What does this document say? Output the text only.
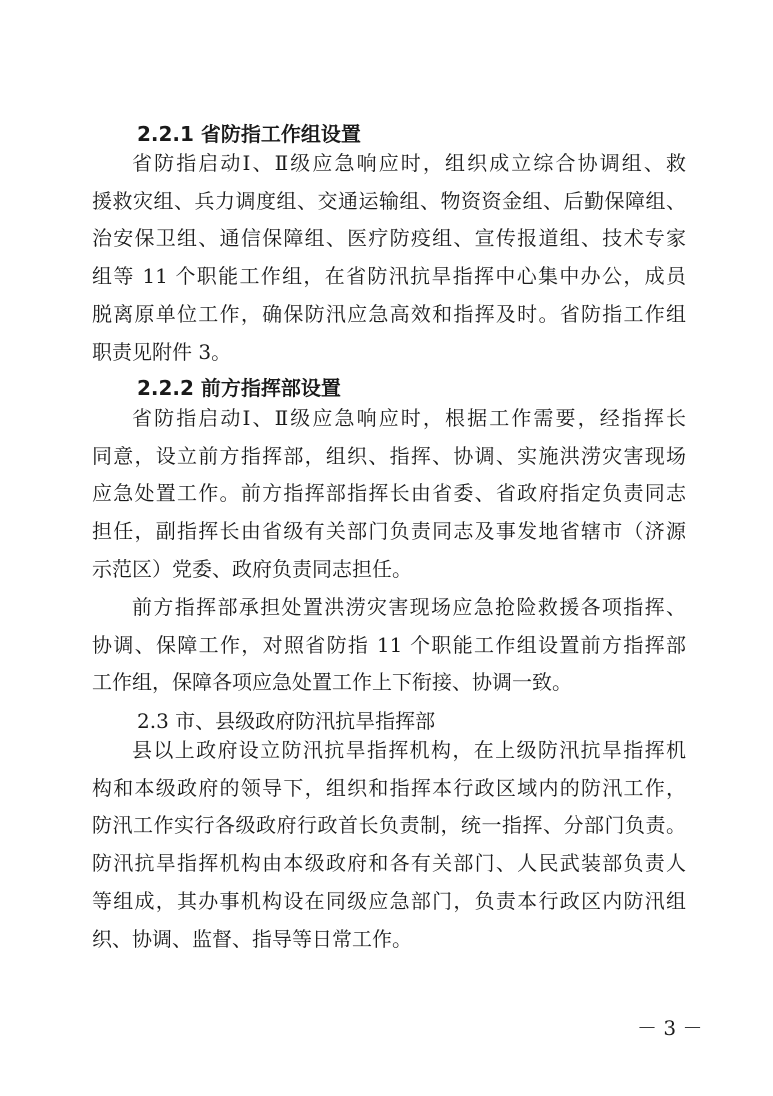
2.2.1 省防指工作组设置
省防指启动Ⅰ、Ⅱ级应急响应时，组织成立综合协调组、救
援救灾组、兵力调度组、交通运输组、物资资金组、后勤保障组、
治安保卫组、通信保障组、医疗防疫组、宣传报道组、技术专家
组等 11 个职能工作组，在省防汛抗旱指挥中心集中办公，成员
脱离原单位工作，确保防汛应急高效和指挥及时。省防指工作组
职责见附件 3。
2.2.2 前方指挥部设置
省防指启动Ⅰ、Ⅱ级应急响应时，根据工作需要，经指挥长
同意，设立前方指挥部，组织、指挥、协调、实施洪涝灾害现场
应急处置工作。前方指挥部指挥长由省委、省政府指定负责同志
担任，副指挥长由省级有关部门负责同志及事发地省辖市（济源
示范区）党委、政府负责同志担任。
前方指挥部承担处置洪涝灾害现场应急抢险救援各项指挥、
协调、保障工作，对照省防指 11 个职能工作组设置前方指挥部
工作组，保障各项应急处置工作上下衔接、协调一致。
2.3 市、县级政府防汛抗旱指挥部
县以上政府设立防汛抗旱指挥机构，在上级防汛抗旱指挥机
构和本级政府的领导下，组织和指挥本行政区域内的防汛工作，
防汛工作实行各级政府行政首长负责制，统一指挥、分部门负责。
防汛抗旱指挥机构由本级政府和各有关部门、人民武装部负责人
等组成，其办事机构设在同级应急部门，负责本行政区内防汛组
织、协调、监督、指导等日常工作。
－ 3 －
